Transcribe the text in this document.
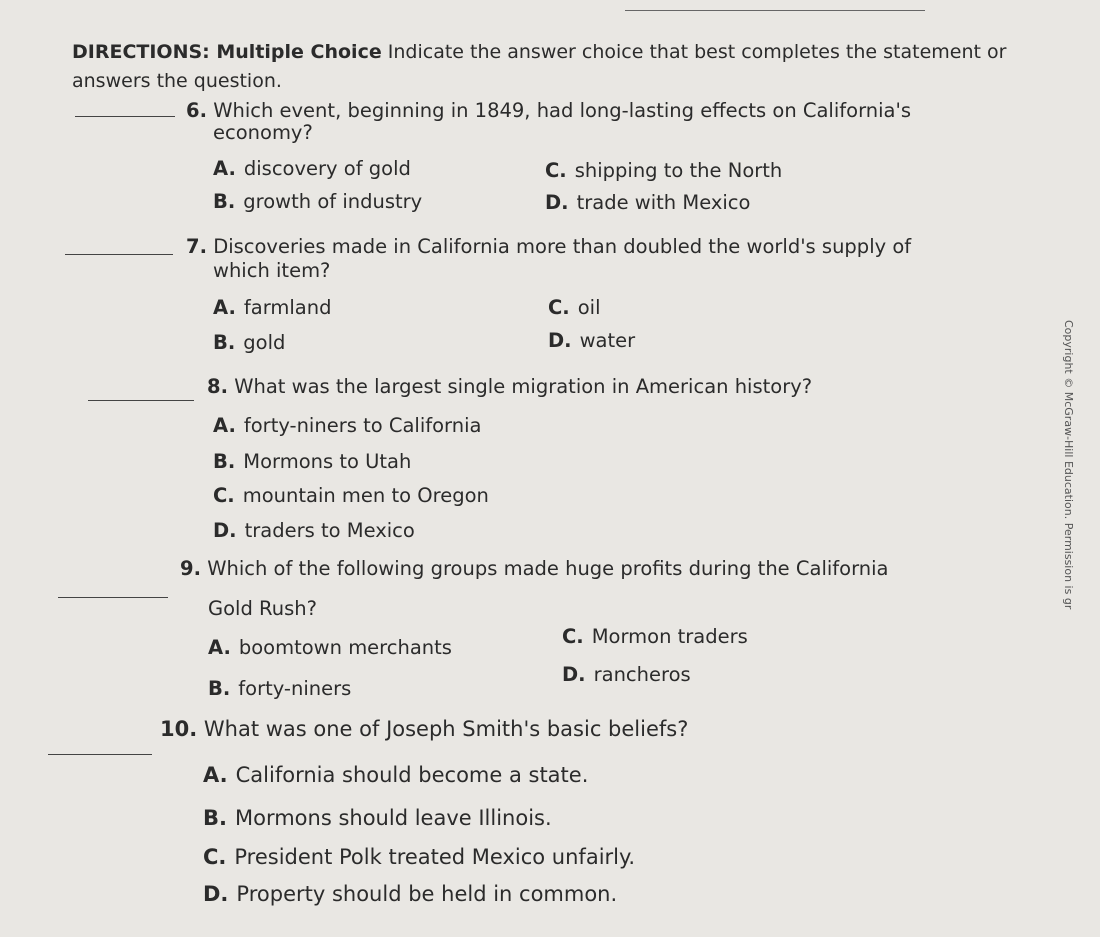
DIRECTIONS: Multiple Choice Indicate the answer choice that best completes the statement or answers the question.
6. Which event, beginning in 1849, had long-lasting effects on California's
economy?
A. discovery of gold
B. growth of industry
C. shipping to the North
D. trade with Mexico
7. Discoveries made in California more than doubled the world's supply of
which item?
A. farmland
B. gold
C. oil
D. water
8. What was the largest single migration in American history?
A. forty-niners to California
B. Mormons to Utah
C. mountain men to Oregon
D. traders to Mexico
9. Which of the following groups made huge profits during the California
Gold Rush?
A. boomtown merchants
B. forty-niners
C. Mormon traders
D. rancheros
10. What was one of Joseph Smith's basic beliefs?
A. California should become a state.
B. Mormons should leave Illinois.
C. President Polk treated Mexico unfairly.
D. Property should be held in common.
Copyright © McGraw-Hill Education. Permission is gr
